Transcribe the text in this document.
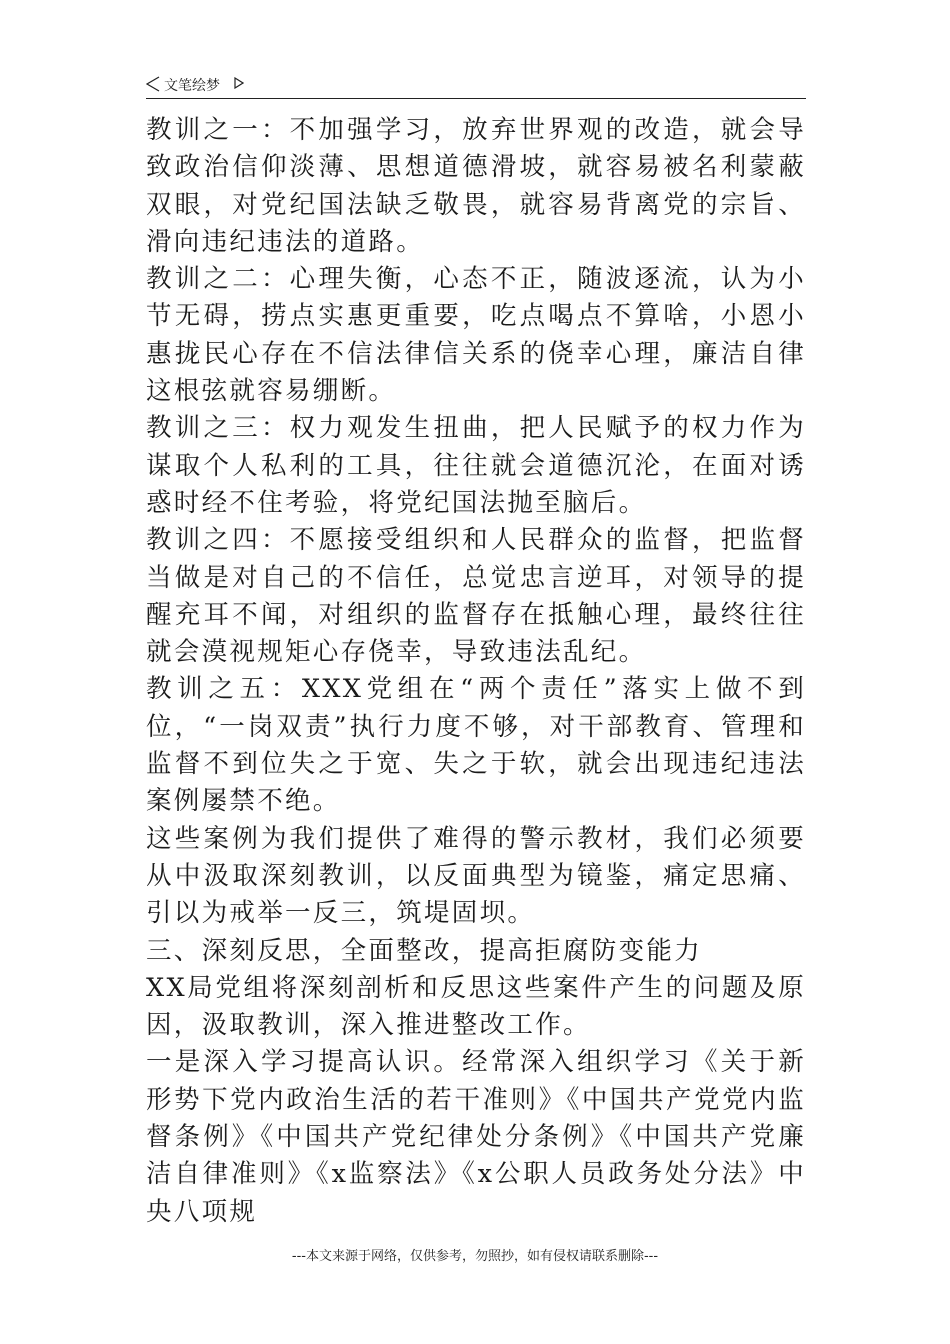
文笔绘梦

教训之一：不加强学习，放弃世界观的改造，就会导致政治信仰淡薄、思想道德滑坡，就容易被名利蒙蔽双眼，对党纪国法缺乏敬畏，就容易背离党的宗旨、滑向违纪违法的道路。

教训之二：心理失衡，心态不正，随波逐流，认为小节无碍，捞点实惠更重要，吃点喝点不算啥，小恩小惠拢民心存在不信法律信关系的侥幸心理，廉洁自律这根弦就容易绷断。

教训之三：权力观发生扭曲，把人民赋予的权力作为谋取个人私利的工具，往往就会道德沉沦，在面对诱惑时经不住考验，将党纪国法抛至脑后。

教训之四：不愿接受组织和人民群众的监督，把监督当做是对自己的不信任，总觉忠言逆耳，对领导的提醒充耳不闻，对组织的监督存在抵触心理，最终往往就会漠视规矩心存侥幸，导致违法乱纪。

教训之五：XXX党组在“两个责任”落实上做不到位，“一岗双责”执行力度不够，对干部教育、管理和监督不到位失之于宽、失之于软，就会出现违纪违法案例屡禁不绝。

这些案例为我们提供了难得的警示教材，我们必须要从中汲取深刻教训，以反面典型为镜鉴，痛定思痛、引以为戒举一反三，筑堤固坝。

三、深刻反思，全面整改，提高拒腐防变能力

XX局党组将深刻剖析和反思这些案件产生的问题及原因，汲取教训，深入推进整改工作。

一是深入学习提高认识。经常深入组织学习《关于新形势下党内政治生活的若干准则》《中国共产党党内监督条例》《中国共产党纪律处分条例》《中国共产党廉洁自律准则》《x监察法》《x公职人员政务处分法》中央八项规

---本文来源于网络，仅供参考，勿照抄，如有侵权请联系删除---
